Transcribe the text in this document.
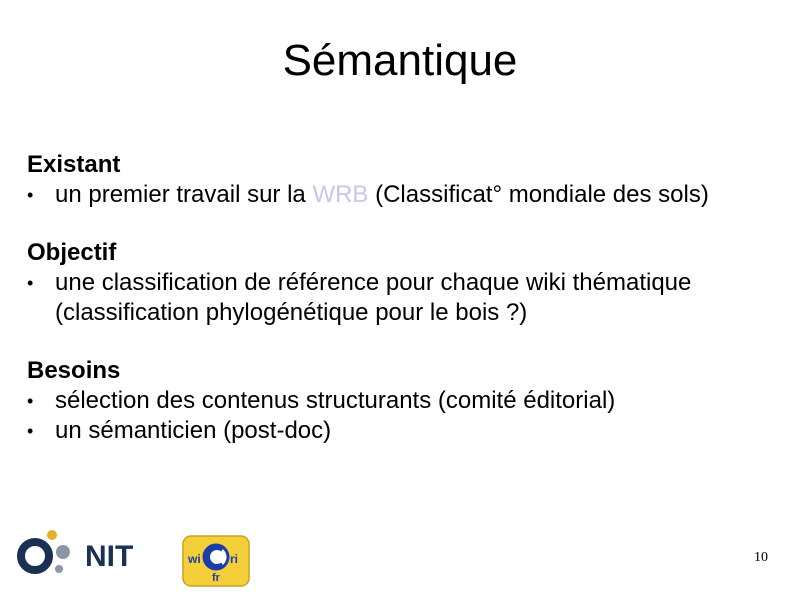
Sémantique
Existant
• un premier travail sur la WRB (Classificat° mondiale des sols)
Objectif
• une classification de référence pour chaque wiki thématique (classification phylogénétique pour le bois ?)
Besoins
• sélection des contenus structurants (comité éditorial)
• un sémanticien (post-doc)
NIT	wi ri
fr
10
